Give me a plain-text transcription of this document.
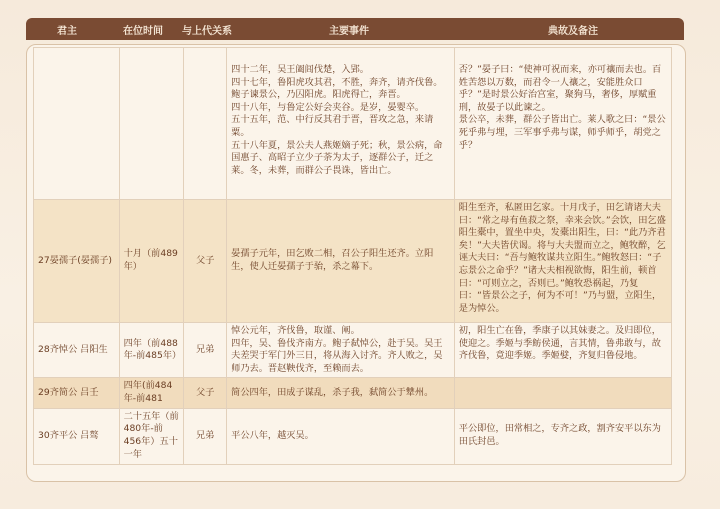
君主	在位时间	与上代关系	主要事件	典故及备注
			四十二年，吴王阖闾伐楚，入郢。
四十七年，鲁阳虎攻其君，不胜，奔齐，请齐伐鲁。鲍子谏景公，乃囚阳虎。阳虎得亡，奔晋。
四十八年，与鲁定公好会夹谷。是岁，晏婴卒。
五十五年，范、中行反其君于晋，晋攻之急，来请粟。
五十八年夏，景公夫人燕姬嫡子死；秋，景公病，命国惠子、高昭子立少子荼为太子，逐群公子，迁之莱。冬，未葬，而群公子畏诛，皆出亡。	否？”晏子曰：“使神可祝而来，亦可禳而去也。百姓苦怨以万数，而君令一人禳之，安能胜众口乎？”是时景公好治宫室，聚狗马，奢侈，厚赋重刑，故晏子以此谏之。
景公卒，未葬，群公子皆出亡。莱人歌之曰：“景公死乎弗与埋，三军事乎弗与谋，师乎师乎，胡党之乎？
27晏孺子(晏孺子)	十月（前489年）	父子	晏孺子元年，田乞败二相，召公子阳生还齐。立阳生，使人迁晏孺子于骀，杀之幕下。	阳生至齐，私匿田乞家。十月戊子，田乞请诸大夫曰：“常之母有鱼菽之祭，幸来会饮。”会饮，田乞盛阳生橐中，置坐中央，发橐出阳生，曰：“此乃齐君矣！”大夫皆伏谒。将与大夫盟而立之，鲍牧醉，乞诬大夫曰：“吾与鲍牧谋共立阳生。”鲍牧怒曰：“子忘景公之命乎？”诸大夫相视欲悔，阳生前，顿首曰：“可则立之，否则已。”鲍牧恐祸起，乃复曰：“皆景公之子，何为不可！”乃与盟，立阳生，是为悼公。
28齐悼公 吕阳生	四年（前488年-前485年）	兄弟	悼公元年，齐伐鲁，取谨、阐。
四年，吴、鲁伐齐南方。鲍子弑悼公，赴于吴。吴王夫差哭于军门外三日，将从海入讨齐。齐人败之，吴师乃去。晋赵鞅伐齐，至赖而去。	初，阳生亡在鲁，季康子以其妹妻之。及归即位，使迎之。季姬与季鲂侯通，言其情，鲁弗敢与，故齐伐鲁，竟迎季姬。季姬嬖，齐复归鲁侵地。
29齐简公 吕壬	四年(前484年-前481	父子	简公四年，田成子谋乱，杀子我，弑简公于犨州。	
30齐平公 吕骜	二十五年（前480年-前456年）五十一年	兄弟	平公八年，越灭吴。	平公即位，田常相之，专齐之政，割齐安平以东为田氏封邑。
